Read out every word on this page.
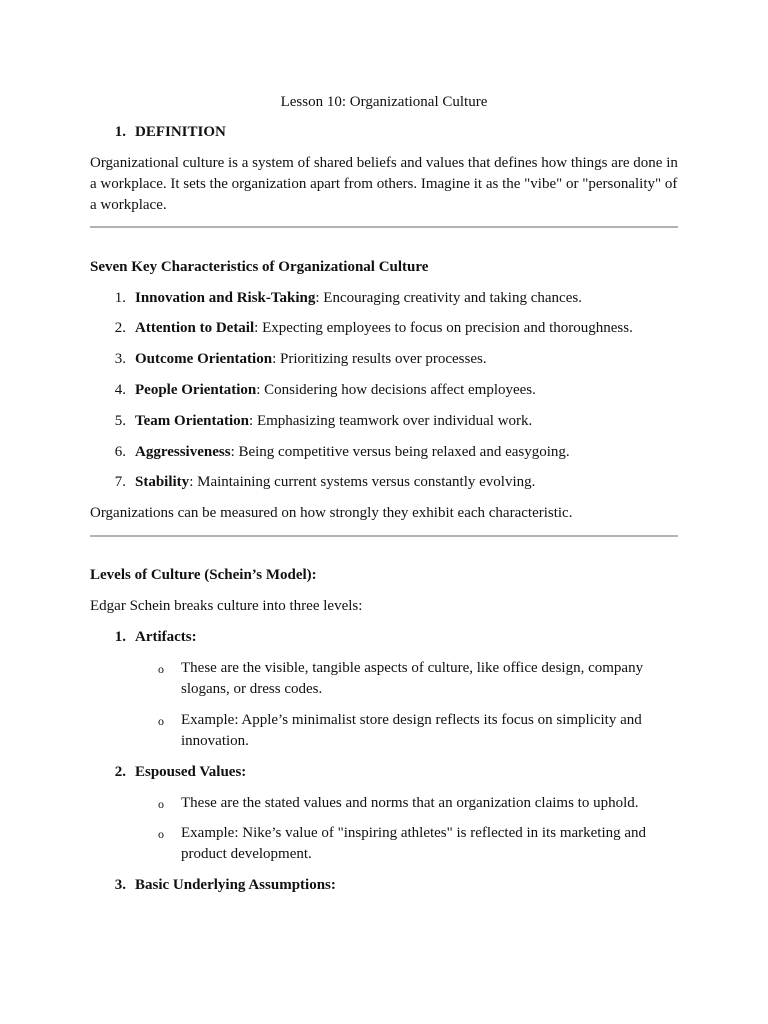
Lesson 10: Organizational Culture
1. DEFINITION
Organizational culture is a system of shared beliefs and values that defines how things are done in a workplace. It sets the organization apart from others. Imagine it as the "vibe" or "personality" of a workplace.
Seven Key Characteristics of Organizational Culture
1. Innovation and Risk-Taking: Encouraging creativity and taking chances.
2. Attention to Detail: Expecting employees to focus on precision and thoroughness.
3. Outcome Orientation: Prioritizing results over processes.
4. People Orientation: Considering how decisions affect employees.
5. Team Orientation: Emphasizing teamwork over individual work.
6. Aggressiveness: Being competitive versus being relaxed and easygoing.
7. Stability: Maintaining current systems versus constantly evolving.
Organizations can be measured on how strongly they exhibit each characteristic.
Levels of Culture (Schein’s Model):
Edgar Schein breaks culture into three levels:
1. Artifacts:
o These are the visible, tangible aspects of culture, like office design, company slogans, or dress codes.
o Example: Apple’s minimalist store design reflects its focus on simplicity and innovation.
2. Espoused Values:
o These are the stated values and norms that an organization claims to uphold.
o Example: Nike’s value of "inspiring athletes" is reflected in its marketing and product development.
3. Basic Underlying Assumptions:
